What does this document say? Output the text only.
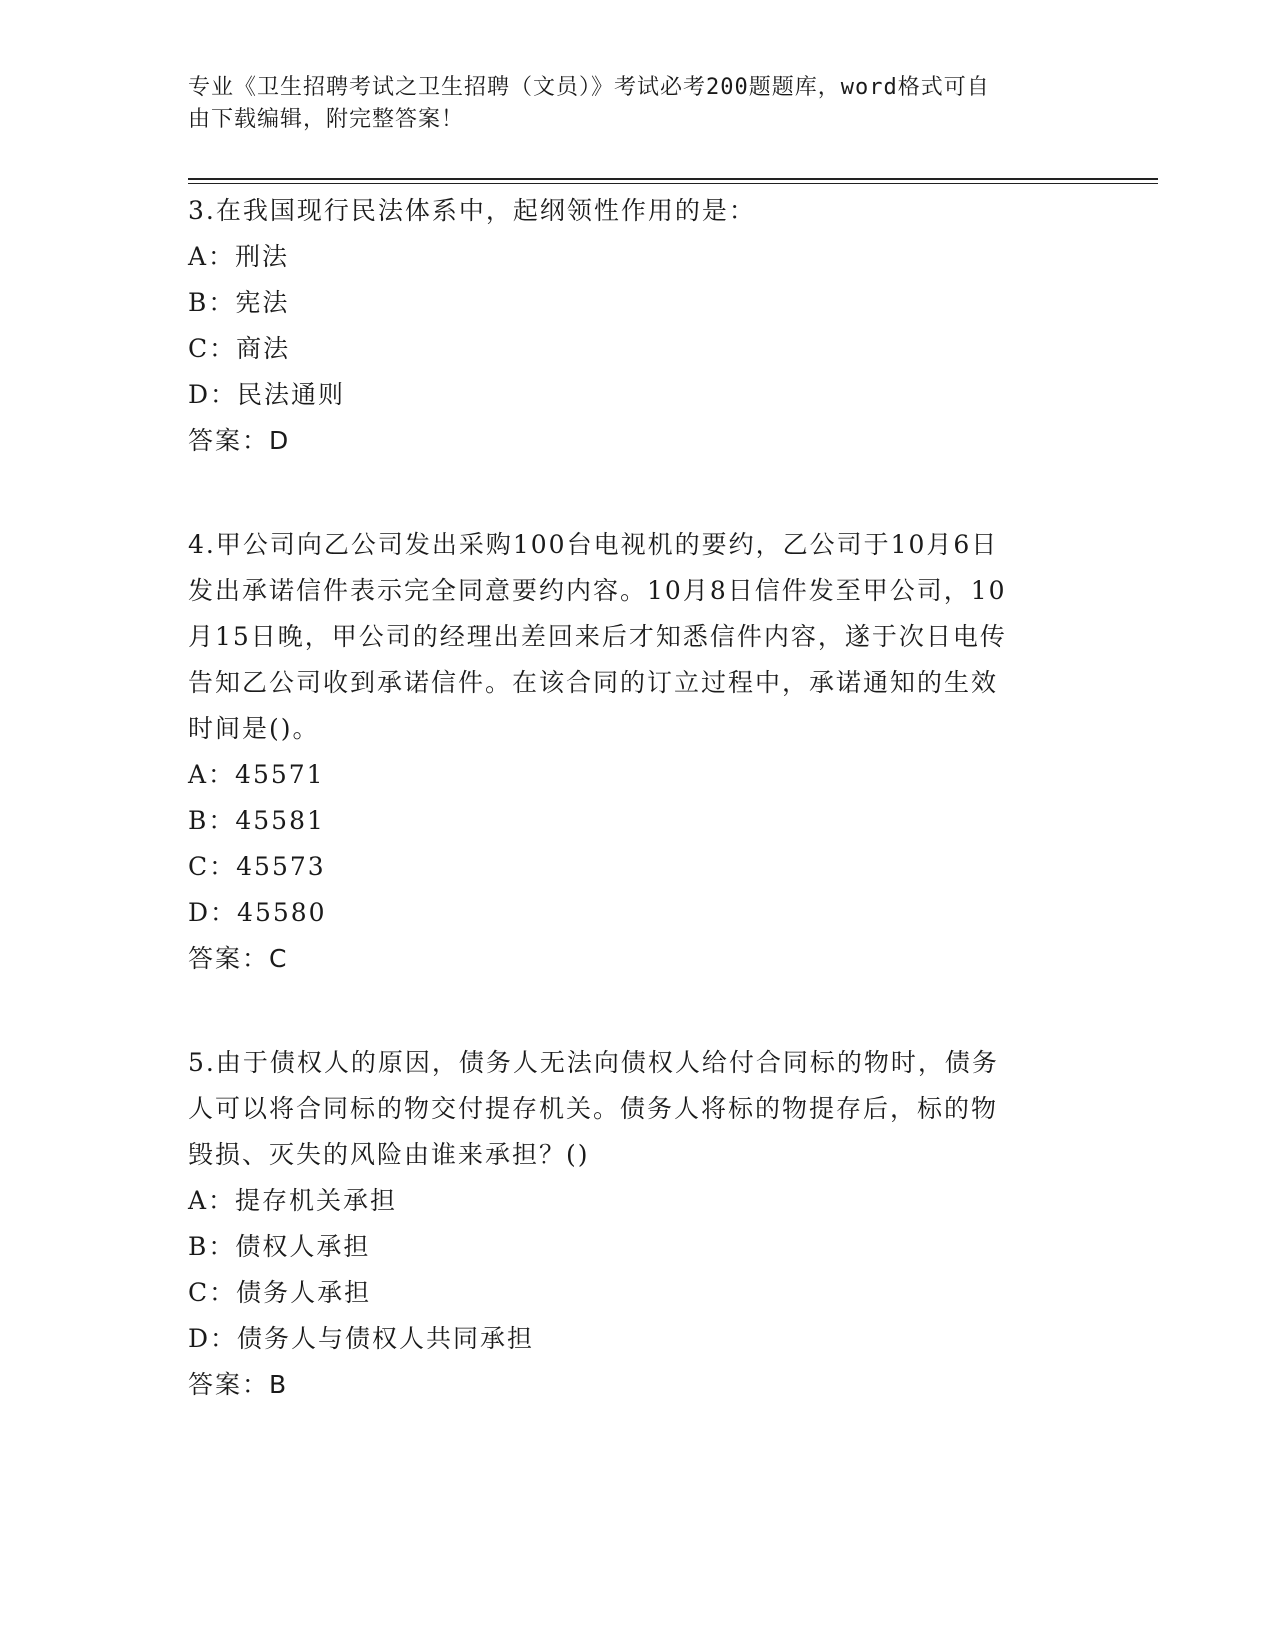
专业《卫生招聘考试之卫生招聘（文员）》考试必考200题题库，word格式可自
由下载编辑，附完整答案！
3.在我国现行民法体系中，起纲领性作用的是：
A：刑法
B：宪法
C：商法
D：民法通则
答案：D
4.甲公司向乙公司发出采购100台电视机的要约，乙公司于10月6日
发出承诺信件表示完全同意要约内容。10月8日信件发至甲公司，10
月15日晚，甲公司的经理出差回来后才知悉信件内容，遂于次日电传
告知乙公司收到承诺信件。在该合同的订立过程中，承诺通知的生效
时间是()。
A：45571
B：45581
C：45573
D：45580
答案：C
5.由于债权人的原因，债务人无法向债权人给付合同标的物时，债务
人可以将合同标的物交付提存机关。债务人将标的物提存后，标的物
毁损、灭失的风险由谁来承担？()
A：提存机关承担
B：债权人承担
C：债务人承担
D：债务人与债权人共同承担
答案：B
